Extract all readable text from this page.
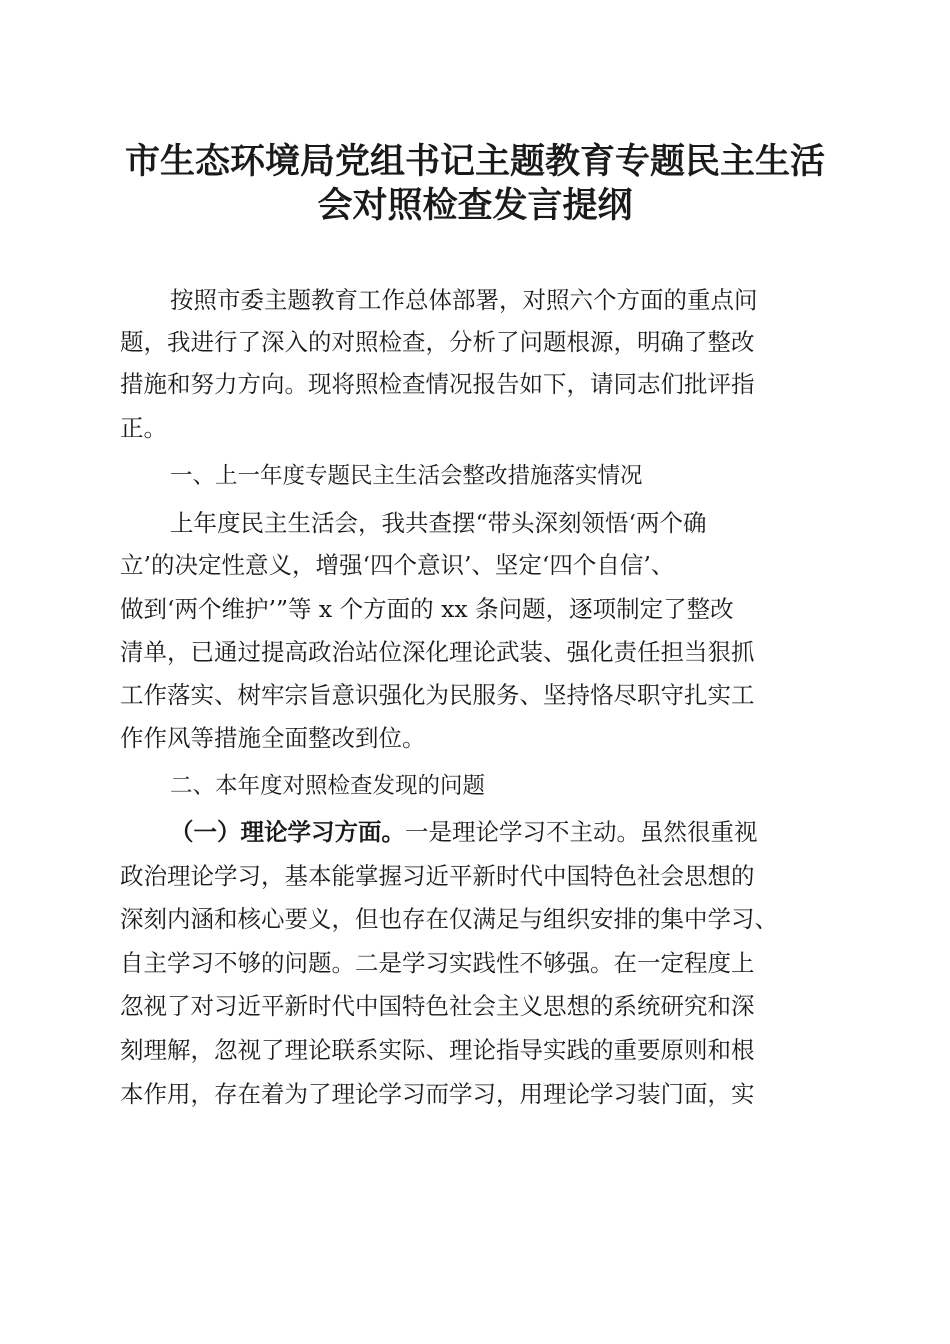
市生态环境局党组书记主题教育专题民主生活
会对照检查发言提纲

按照市委主题教育工作总体部署，对照六个方面的重点问

题，我进行了深入的对照检查，分析了问题根源，明确了整改

措施和努力方向。现将照检查情况报告如下，请同志们批评指

正。

一、上一年度专题民主生活会整改措施落实情况

上年度民主生活会，我共查摆“带头深刻领悟‘两个确

立’的决定性意义，增强‘四个意识’、坚定‘四个自信’、

做到‘两个维护’”等 x 个方面的 xx 条问题，逐项制定了整改

清单，已通过提高政治站位深化理论武装、强化责任担当狠抓

工作落实、树牢宗旨意识强化为民服务、坚持恪尽职守扎实工

作作风等措施全面整改到位。

二、本年度对照检查发现的问题

（一）理论学习方面。一是理论学习不主动。虽然很重视

政治理论学习，基本能掌握习近平新时代中国特色社会思想的

深刻内涵和核心要义，但也存在仅满足与组织安排的集中学习、

自主学习不够的问题。二是学习实践性不够强。在一定程度上

忽视了对习近平新时代中国特色社会主义思想的系统研究和深

刻理解，忽视了理论联系实际、理论指导实践的重要原则和根

本作用，存在着为了理论学习而学习，用理论学习装门面，实
